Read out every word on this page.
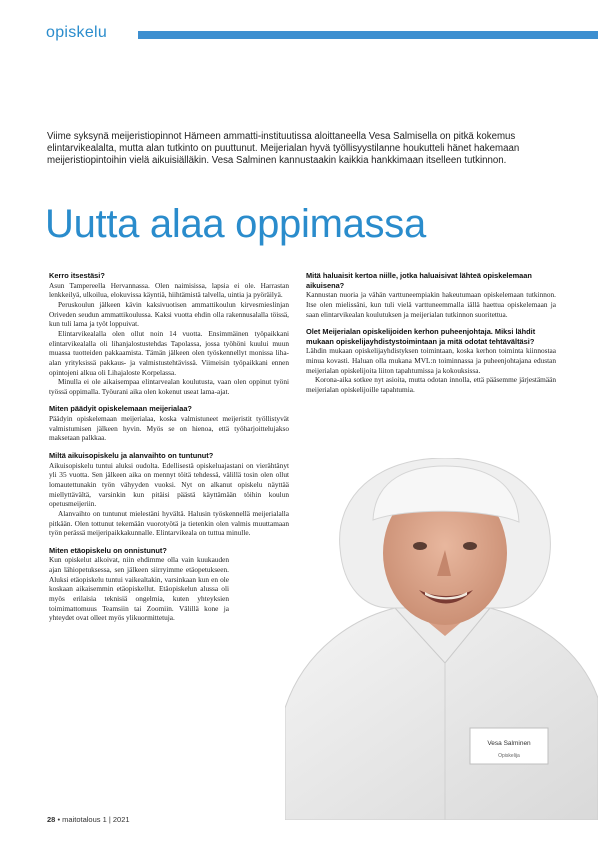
opiskelu

Viime syksynä meijeristiopinnot Hämeen ammatti-instituutissa aloittaneella Vesa Salmisella on pitkä kokemus elintarvikealalta, mutta alan tutkinto on puuttunut. Meijerialan hyvä työllisyystilanne houkutteli hänet hakemaan meijeristiopintoihin vielä aikuisiälläkin. Vesa Salminen kannustaakin kaikkia hankkimaan itselleen tutkinnon.

Uutta alaa oppimassa
Kerro itsestäsi?

Asun Tampereella Hervannassa. Olen naimisissa, lapsia ei ole. Harrastan lenkkeilyä, ulkoilua, elokuvissa käyntiä, hiihtämistä talvella, uintia ja pyöräilyä.

Peruskoulun jälkeen kävin kaksivuotisen ammattikoulun kirvesmieslinjan Oriveden seudun ammattikoulussa. Kaksi vuotta ehdin olla rakennusalalla töissä, kun tuli lama ja työt loppuivat.

Elintarvikealalla olen ollut noin 14 vuotta. Ensimmäinen työpaikkani elintarvikealalla oli lihanjalostustehdas Tapolassa, jossa työhöni kuului muun muassa tuotteiden pakkaamista. Tämän jälkeen olen työskennellyt monissa liha-alan yrityksissä pakkaus- ja valmistustehtävissä. Viimeisin työpaikkani ennen opintojeni alkua oli Lihajaloste Korpelassa.

Minulla ei ole aikaisempaa elintarvealan koulutusta, vaan olen oppinut työni työssä oppimalla. Työurani aika olen kokenut useat lama-ajat.

Miten päädyit opiskelemaan meijerialaa?

Päädyin opiskelemaan meijerialaa, koska valmistuneet meijeristit työllistyvät valmistumisen jälkeen hyvin. Myös se on hienoa, että työharjoittelujakso maksetaan palkkaa.

Miltä aikuisopiskelu ja alanvaihto on tuntunut?

Aikuisopiskelu tuntui aluksi oudolta. Edellisestä opiskeluajastani on vierähtänyt yli 35 vuotta. Sen jälkeen aika on mennyt töitä tehdessä, välillä tosin olen ollut lomautettunakin työn vähyyden vuoksi. Nyt on alkanut opiskelu näyttää miellyttävältä, varsinkin kun pitäisi päästä käyttämään töihin koulun opetusmeijeriin.

Alanvaihto on tuntunut mielestäni hyvältä. Halusin työskennellä meijerialalla pitkään. Olen tottunut tekemään vuorotyötä ja tietenkin olen valmis muuttamaan työn perässä meijeripaikkakunnalle. Elintarvikeala on tuttua minulle.

Miten etäopiskelu on onnistunut?

Kun opiskelut alkoivat, niin ehdimme olla vain kuukauden ajan lähiopetuksessa, sen jälkeen siirryimme etäopetukseen. Aluksi etäopiskelu tuntui vaikealtakin, varsinkaan kun en ole koskaan aikaisemmin etäopiskellut. Etäopiskelun alussa oli myös erilaisia teknisiä ongelmia, kuten yhteyksien toimimattomuus Teamsiin tai Zoomiin. Välillä kone ja yhteydet ovat olleet myös ylikuormittetuja.

Mitä haluaisit kertoa niille, jotka haluaisivat lähteä opiskelemaan aikuisena?

Kannustan nuoria ja vähän varttuneempiakin hakeutumaan opiskelemaan tutkinnon. Itse olen mielissäni, kun tuli vielä varttuneemmalla iällä haettua opiskelemaan ja saan elintarvikealan koulutuksen ja meijerialan tutkinnon suoritettua.

Olet Meijerialan opiskelijoiden kerhon puheenjohtaja. Miksi lähdit mukaan opiskelijayhdistystoimintaan ja mitä odotat tehtävältäsi?

Lähdin mukaan opiskelijayhdistyksen toimintaan, koska kerhon toiminta kiinnostaa minua kovasti. Haluan olla mukana MVL:n toiminnassa ja puheenjohtajana edustan meijerialan opiskelijoita liiton tapahtumissa ja kokouksissa.

Korona-aika sotkee nyt asioita, mutta odotan innolla, että pääsemme järjestämään meijerialan opiskelijoille tapahtumia.

Vesa Salminen
Opiskelija
28 • maitotalous 1 | 2021
